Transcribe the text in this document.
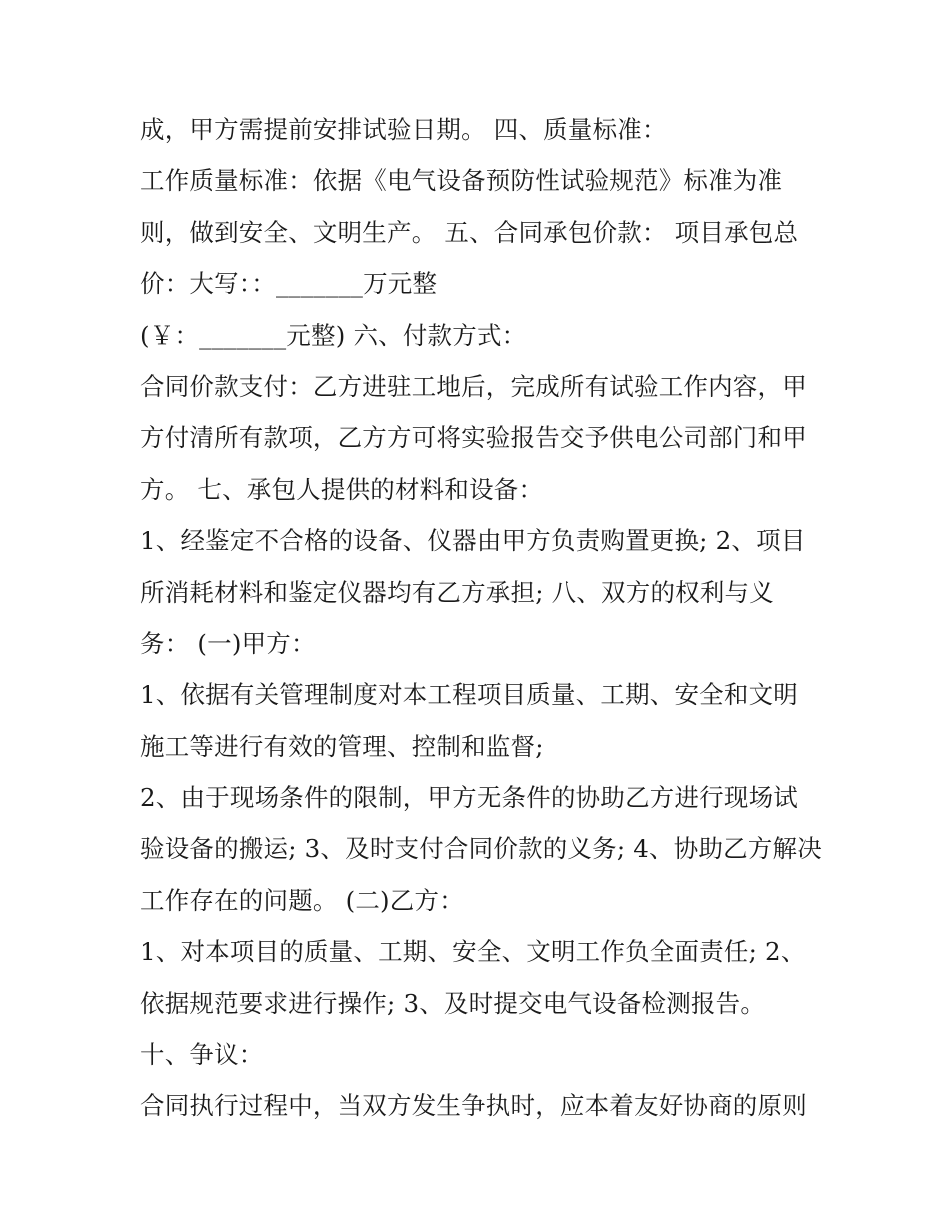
成，甲方需提前安排试验日期。 四、质量标准：
工作质量标准：依据《电气设备预防性试验规范》标准为准
则，做到安全、文明生产。 五、合同承包价款： 项目承包总
价：大写：：_______万元整
(￥：_______元整) 六、付款方式：
合同价款支付：乙方进驻工地后，完成所有试验工作内容，甲
方付清所有款项，乙方方可将实验报告交予供电公司部门和甲
方。 七、承包人提供的材料和设备：
1、经鉴定不合格的设备、仪器由甲方负责购置更换; 2、项目
所消耗材料和鉴定仪器均有乙方承担; 八、双方的权利与义
务： (一)甲方：
1、依据有关管理制度对本工程项目质量、工期、安全和文明
施工等进行有效的管理、控制和监督;
2、由于现场条件的限制，甲方无条件的协助乙方进行现场试
验设备的搬运; 3、及时支付合同价款的义务; 4、协助乙方解决
工作存在的问题。 (二)乙方：
1、对本项目的质量、工期、安全、文明工作负全面责任; 2、
依据规范要求进行操作; 3、及时提交电气设备检测报告。
十、争议：
合同执行过程中，当双方发生争执时，应本着友好协商的原则
